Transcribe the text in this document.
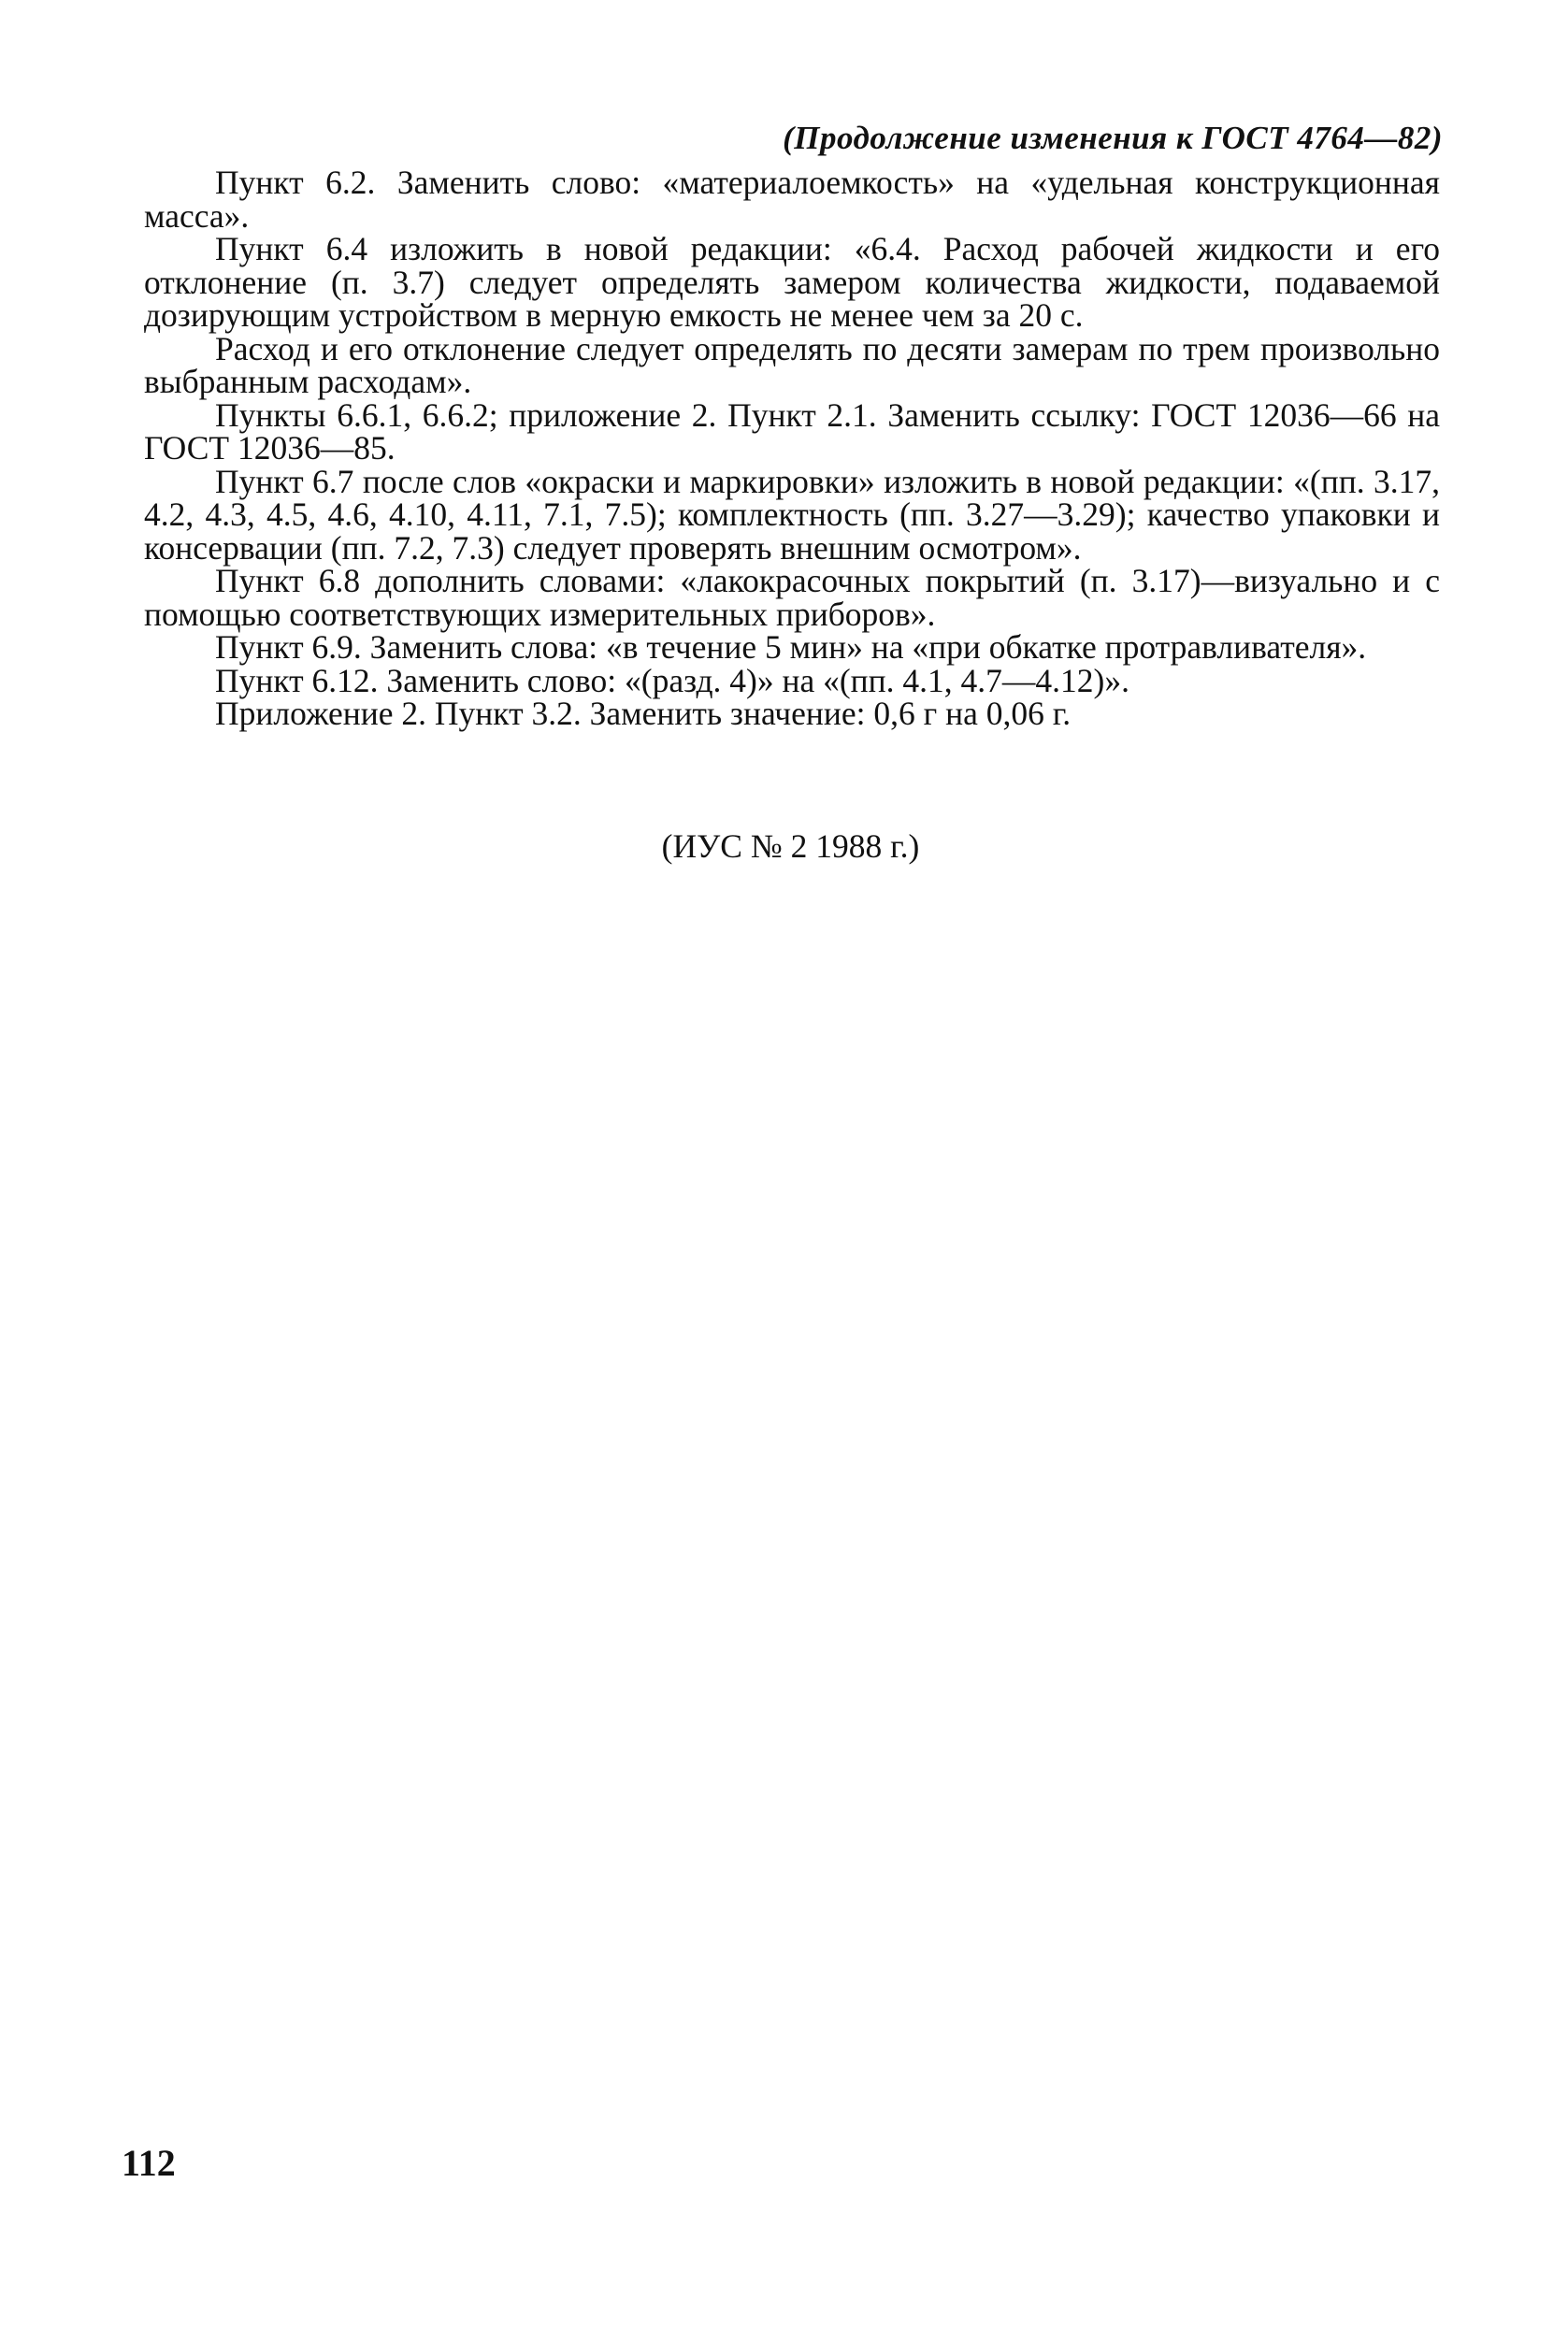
(Продолжение изменения к ГОСТ 4764—82)

Пункт 6.2. Заменить слово: «материалоемкость» на «удельная конструкционная масса».

Пункт 6.4 изложить в новой редакции: «6.4. Расход рабочей жидкости и его отклонение (п. 3.7) следует определять замером количества жидкости, подаваемой дозирующим устройством в мерную емкость не менее чем за 20 с.

Расход и его отклонение следует определять по десяти замерам по трем произвольно выбранным расходам».

Пункты 6.6.1, 6.6.2; приложение 2. Пункт 2.1. Заменить ссылку: ГОСТ 12036—66 на ГОСТ 12036—85.

Пункт 6.7 после слов «окраски и маркировки» изложить в новой редакции: «(пп. 3.17, 4.2, 4.3, 4.5, 4.6, 4.10, 4.11, 7.1, 7.5); комплектность (пп. 3.27—3.29); качество упаковки и консервации (пп. 7.2, 7.3) следует проверять внешним осмотром».

Пункт 6.8 дополнить словами: «лакокрасочных покрытий (п. 3.17)—визуально и с помощью соответствующих измерительных приборов».

Пункт 6.9. Заменить слова: «в течение 5 мин» на «при обкатке протравливателя».

Пункт 6.12. Заменить слово: «(разд. 4)» на «(пп. 4.1, 4.7—4.12)».

Приложение 2. Пункт 3.2. Заменить значение: 0,6 г на 0,06 г.

(ИУС № 2 1988 г.)
112
